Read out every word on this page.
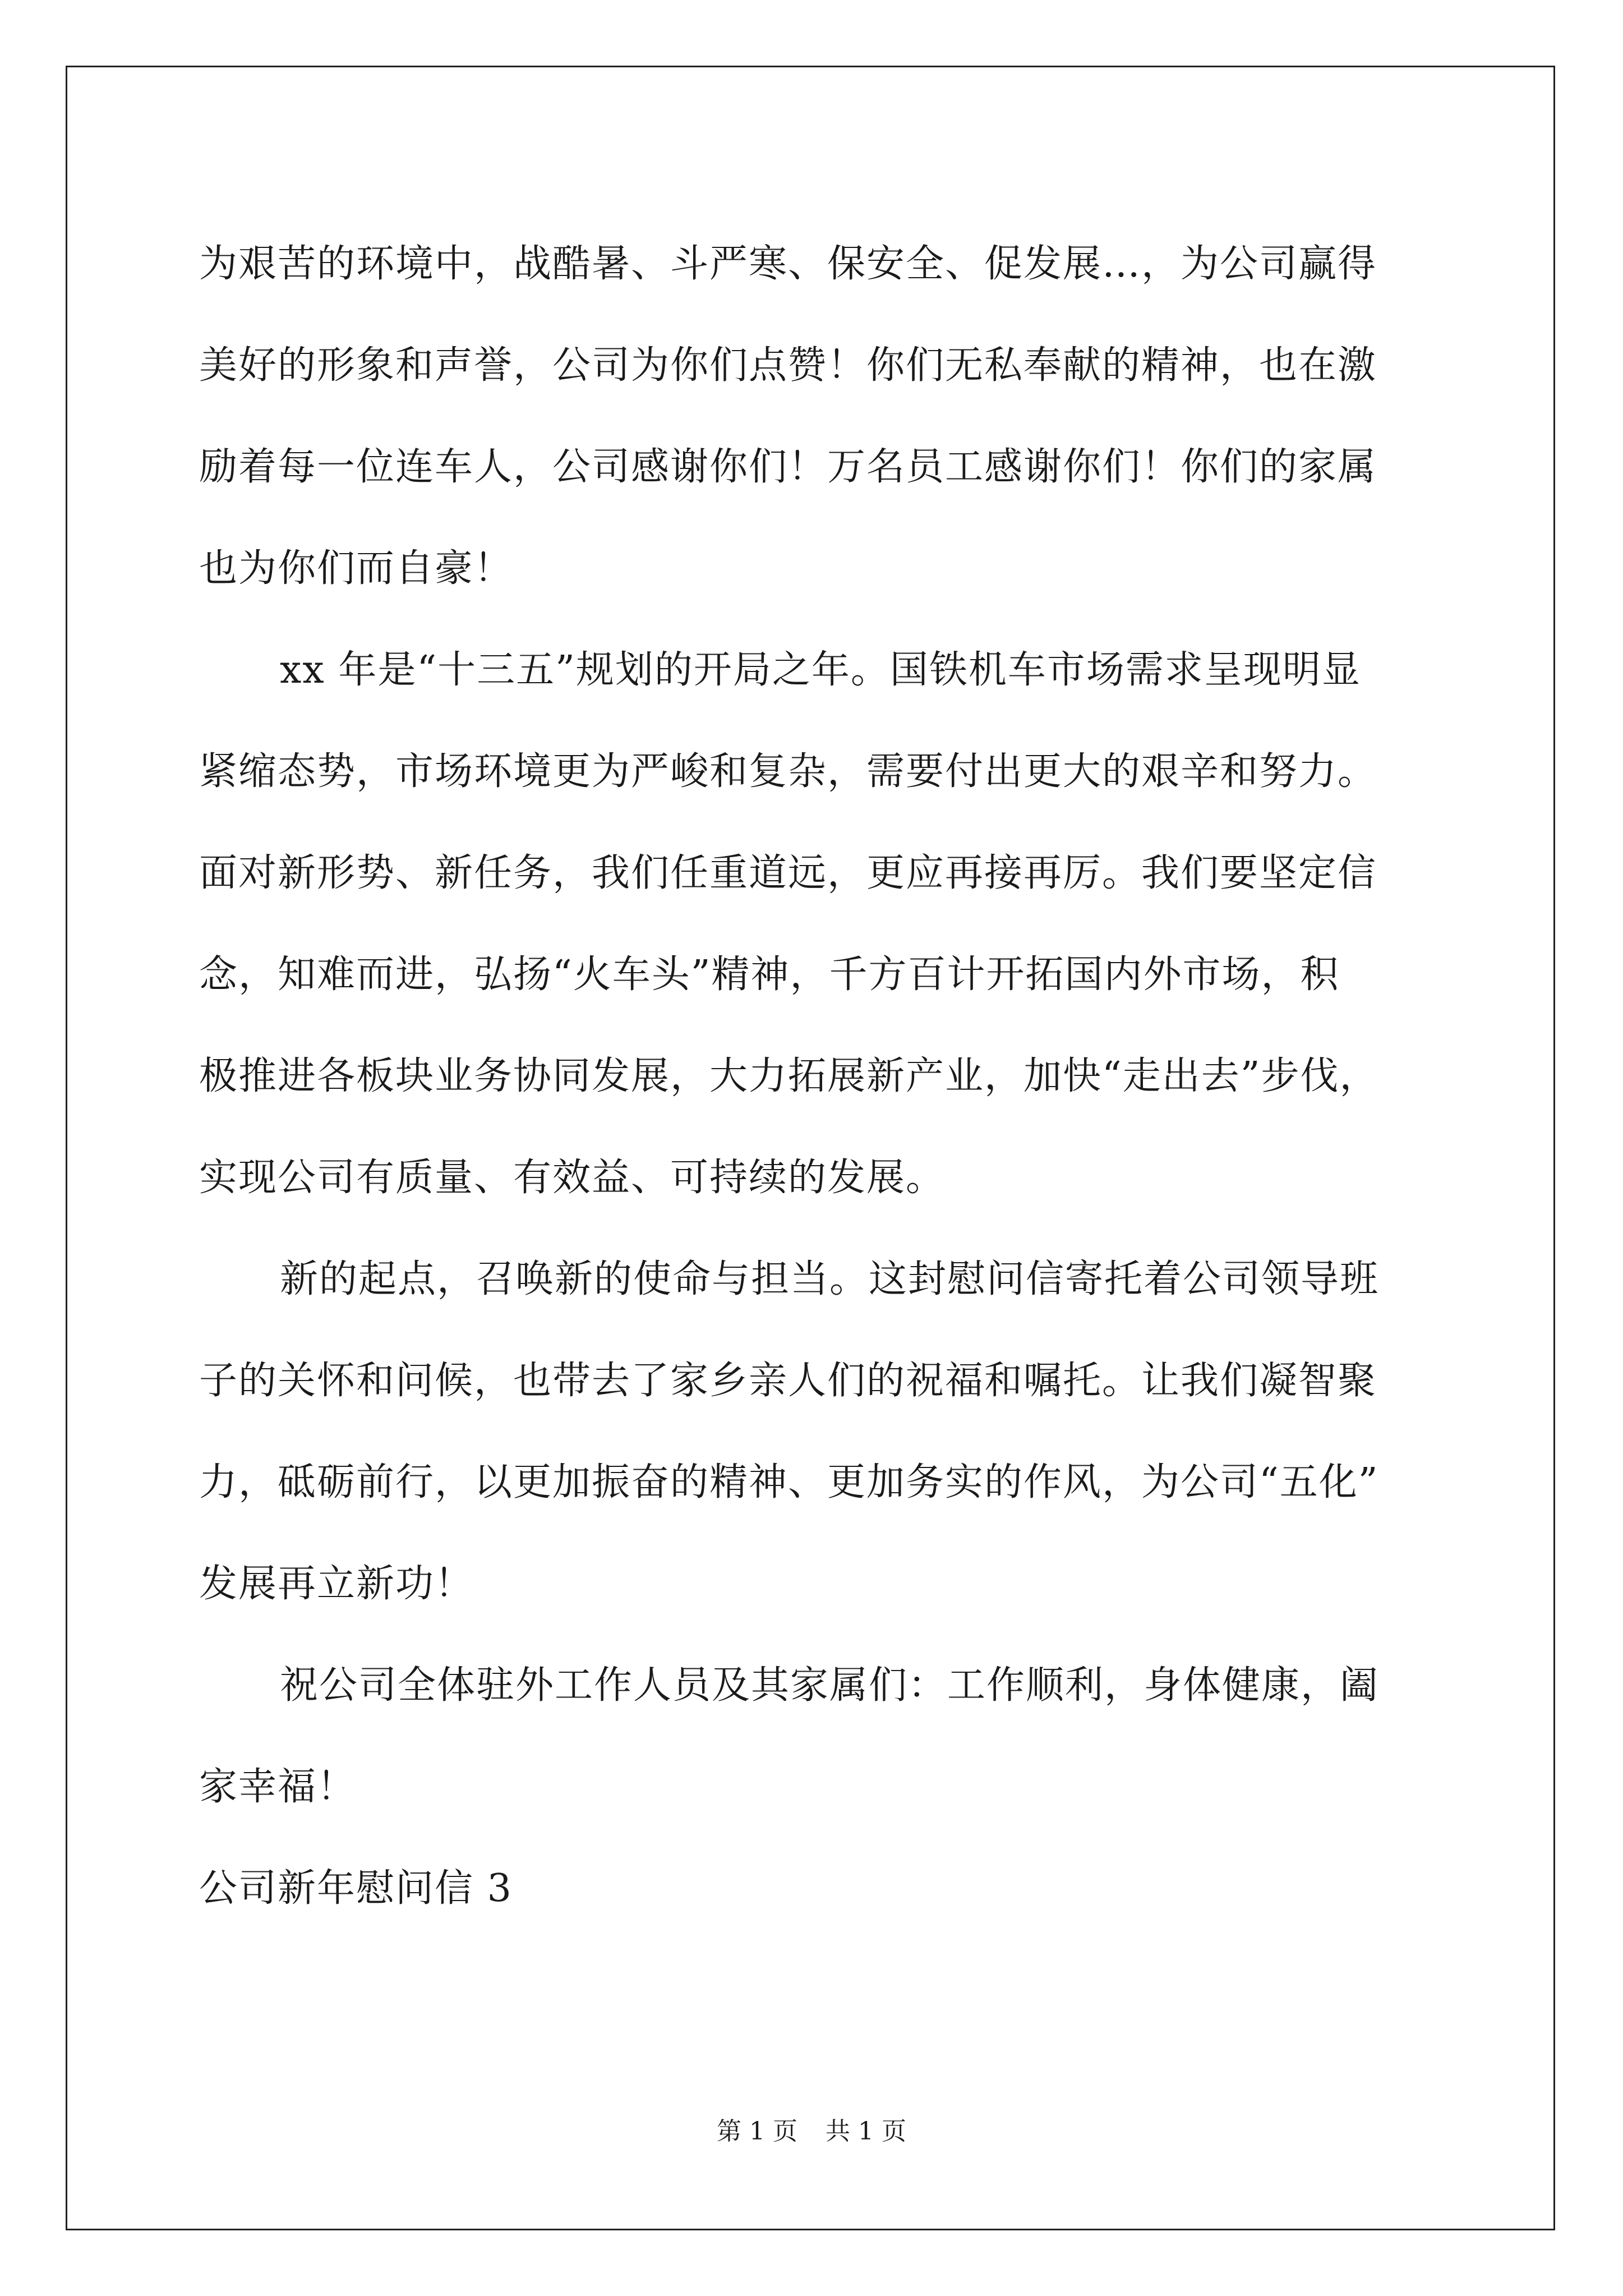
为艰苦的环境中，战酷暑、斗严寒、保安全、促发展…，为公司赢得
美好的形象和声誉，公司为你们点赞！你们无私奉献的精神，也在激
励着每一位连车人，公司感谢你们！万名员工感谢你们！你们的家属
也为你们而自豪！
xx 年是“十三五”规划的开局之年。国铁机车市场需求呈现明显
紧缩态势，市场环境更为严峻和复杂，需要付出更大的艰辛和努力。
面对新形势、新任务，我们任重道远，更应再接再厉。我们要坚定信
念，知难而进，弘扬“火车头”精神，千方百计开拓国内外市场，积
极推进各板块业务协同发展，大力拓展新产业，加快“走出去”步伐，
实现公司有质量、有效益、可持续的发展。
新的起点，召唤新的使命与担当。这封慰问信寄托着公司领导班
子的关怀和问候，也带去了家乡亲人们的祝福和嘱托。让我们凝智聚
力，砥砺前行，以更加振奋的精神、更加务实的作风，为公司“五化”
发展再立新功！
祝公司全体驻外工作人员及其家属们：工作顺利，身体健康，阖
家幸福！
公司新年慰问信 3
第 1 页 共 1 页
